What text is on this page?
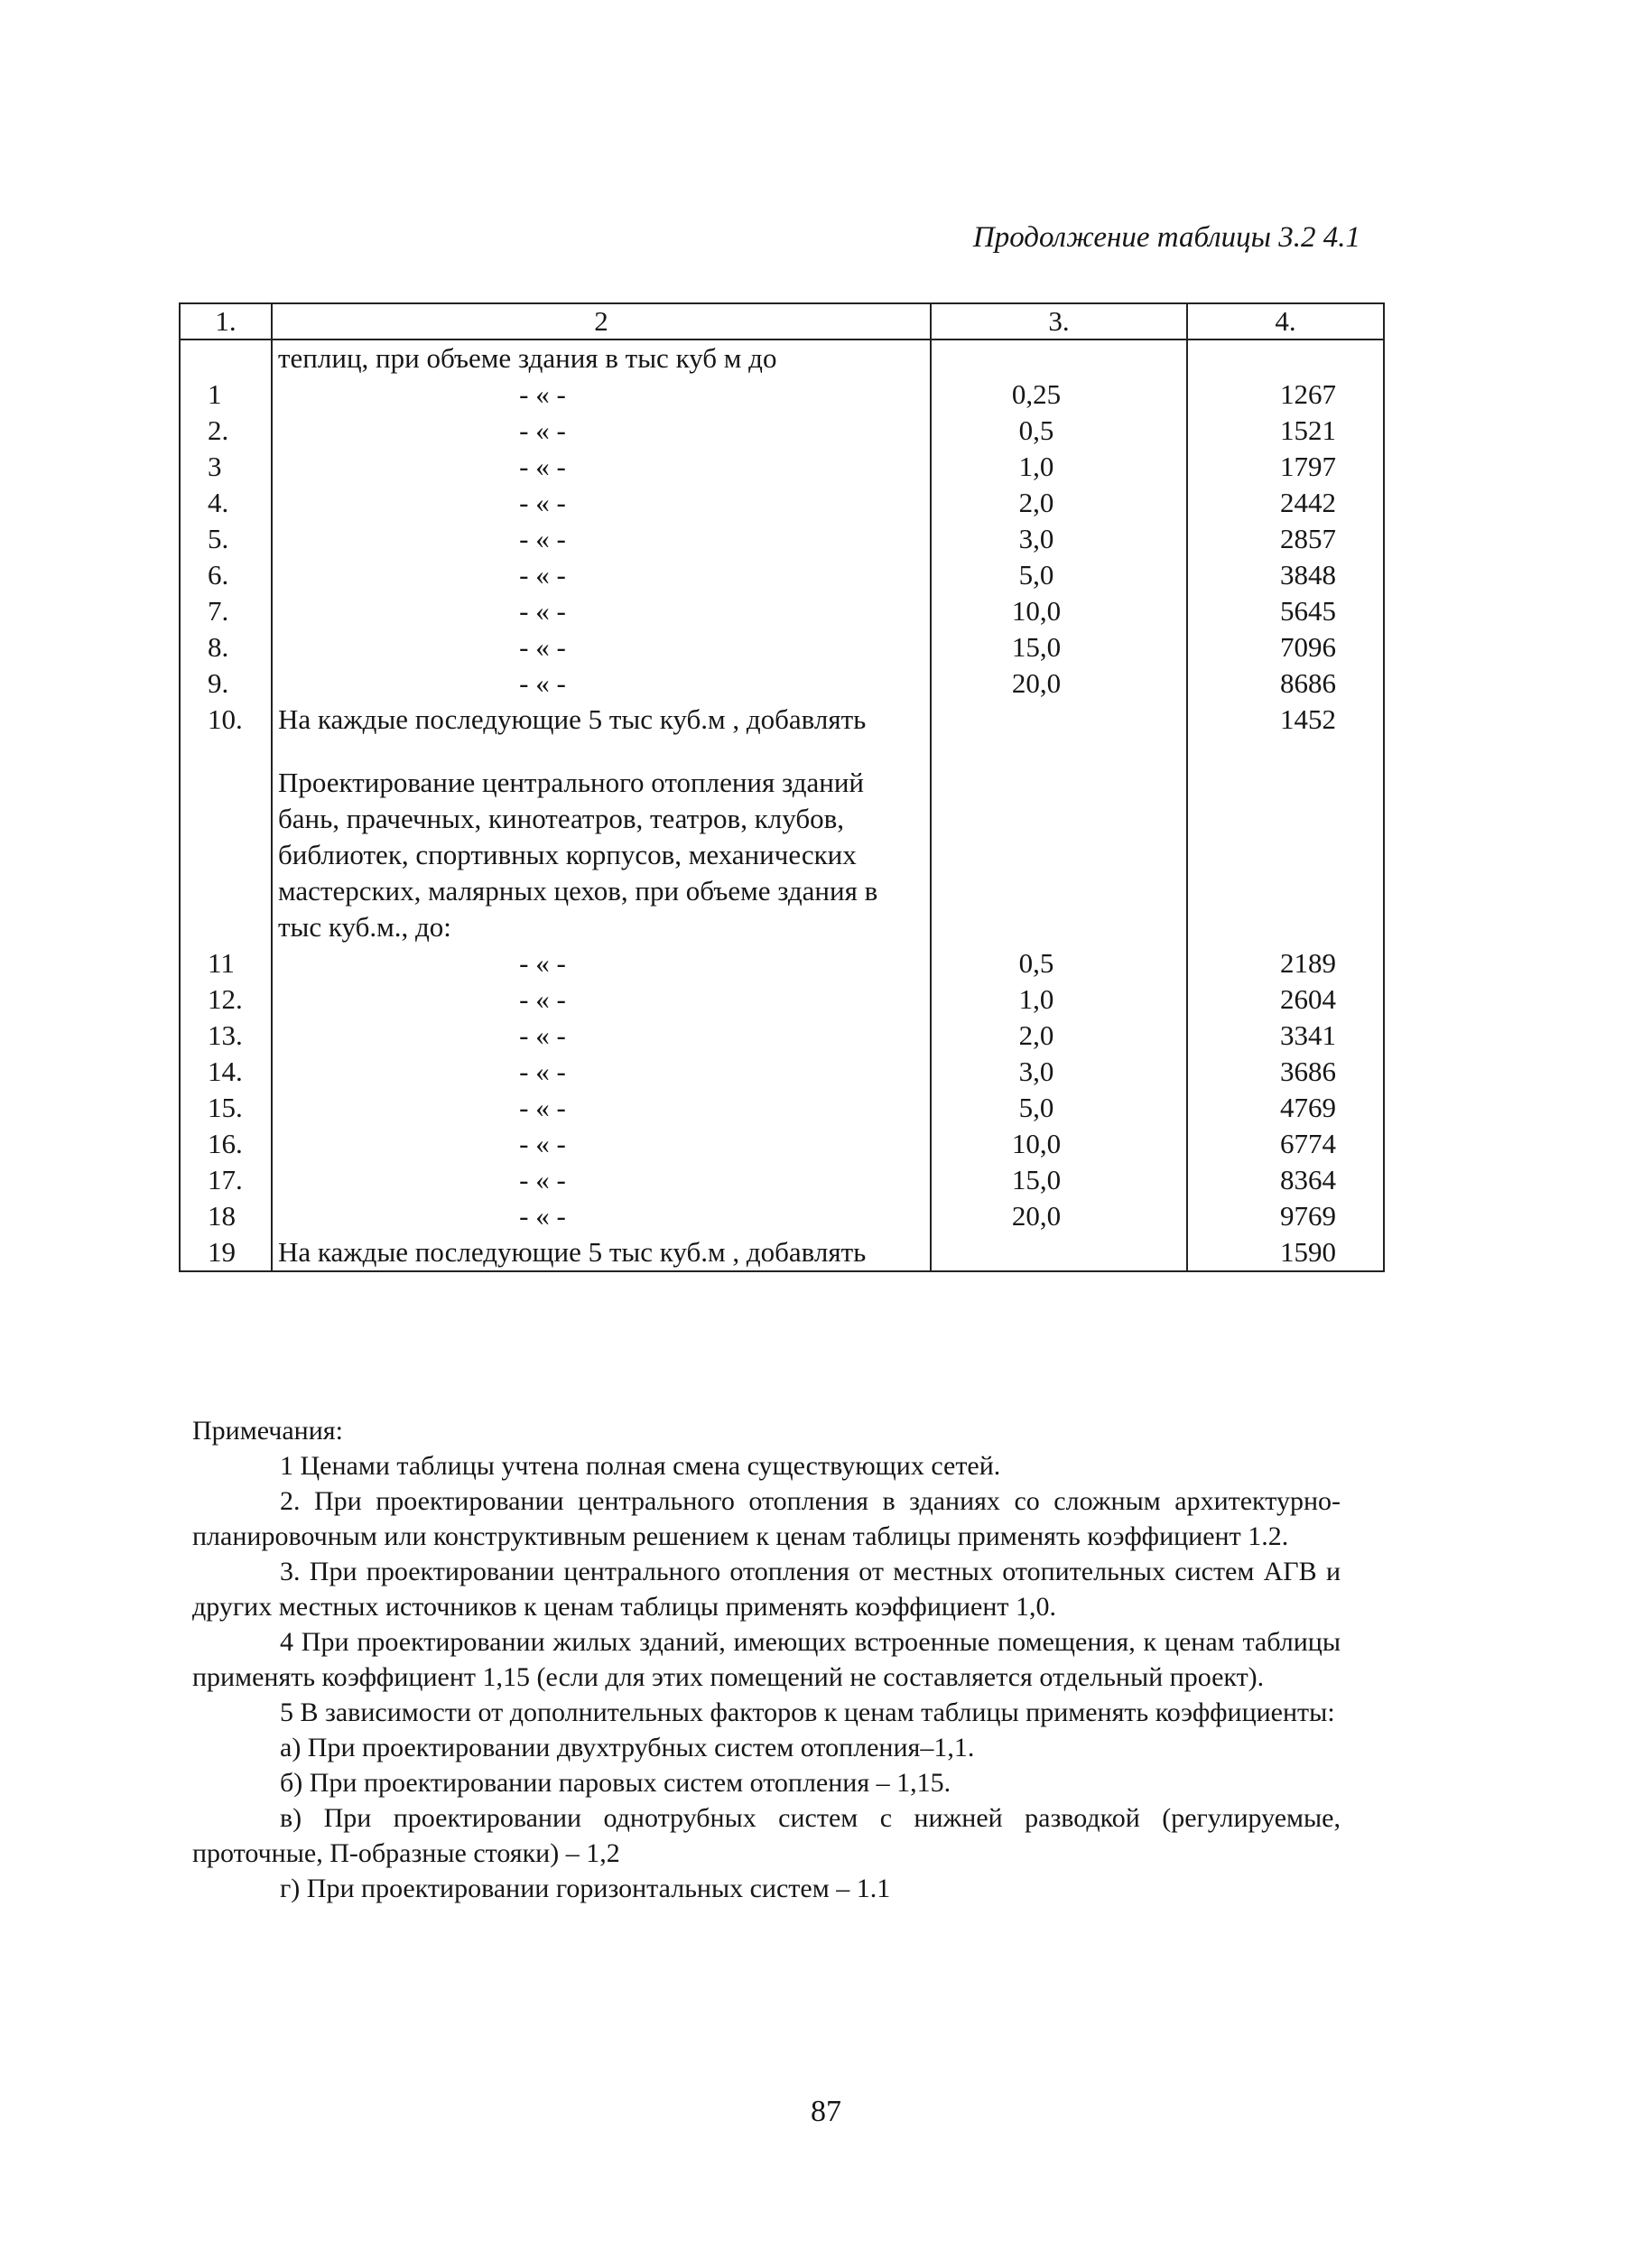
Продолжение таблицы 3.2 4.1
1.	2	3.	4.
	теплиц, при объеме здания в тыс куб м до		
1	- « -	0,25	1267

2.	- « -	0,5	1521

3	- « -	1,0	1797

4.	- « -	2,0	2442

5.	- « -	3,0	2857

6.	- « -	5,0	3848

7.	- « -	10,0	5645

8.	- « -	15,0	7096

9.	- « -	20,0	8686

10.	На каждые последующие 5 тыс куб.м , добавлять		1452

	Проектирование центрального отопления зданий бань, прачечных, кинотеатров, театров, клубов, библиотек, спортивных корпусов, механических мастерских, малярных цехов, при объеме здания в тыс куб.м., до:		
11	- « -	0,5	2189

12.	- « -	1,0	2604

13.	- « -	2,0	3341

14.	- « -	3,0	3686

15.	- « -	5,0	4769

16.	- « -	10,0	6774

17.	- « -	15,0	8364

18	- « -	20,0	9769

19	На каждые последующие 5 тыс куб.м , добавлять		1590

Примечания:

1 Ценами таблицы учтена полная смена существующих сетей.

2. При проектировании центрального отопления в зданиях со сложным архитектурно-планировочным или конструктивным решением к ценам таблицы применять коэффициент 1.2.

3. При проектировании центрального отопления от местных отопительных систем АГВ и других местных источников к ценам таблицы применять коэффициент 1,0.

4 При проектировании жилых зданий, имеющих встроенные помещения, к ценам таблицы применять коэффициент 1,15 (если для этих помещений не составляется отдельный проект).

5 В зависимости от дополнительных факторов к ценам таблицы применять коэффициенты:

а) При проектировании двухтрубных систем отопления–1,1.

б) При проектировании паровых систем отопления – 1,15.

в) При проектировании однотрубных систем с нижней разводкой (регулируемые, проточные, П-образные стояки) – 1,2

г) При проектировании горизонтальных систем – 1.1

87
